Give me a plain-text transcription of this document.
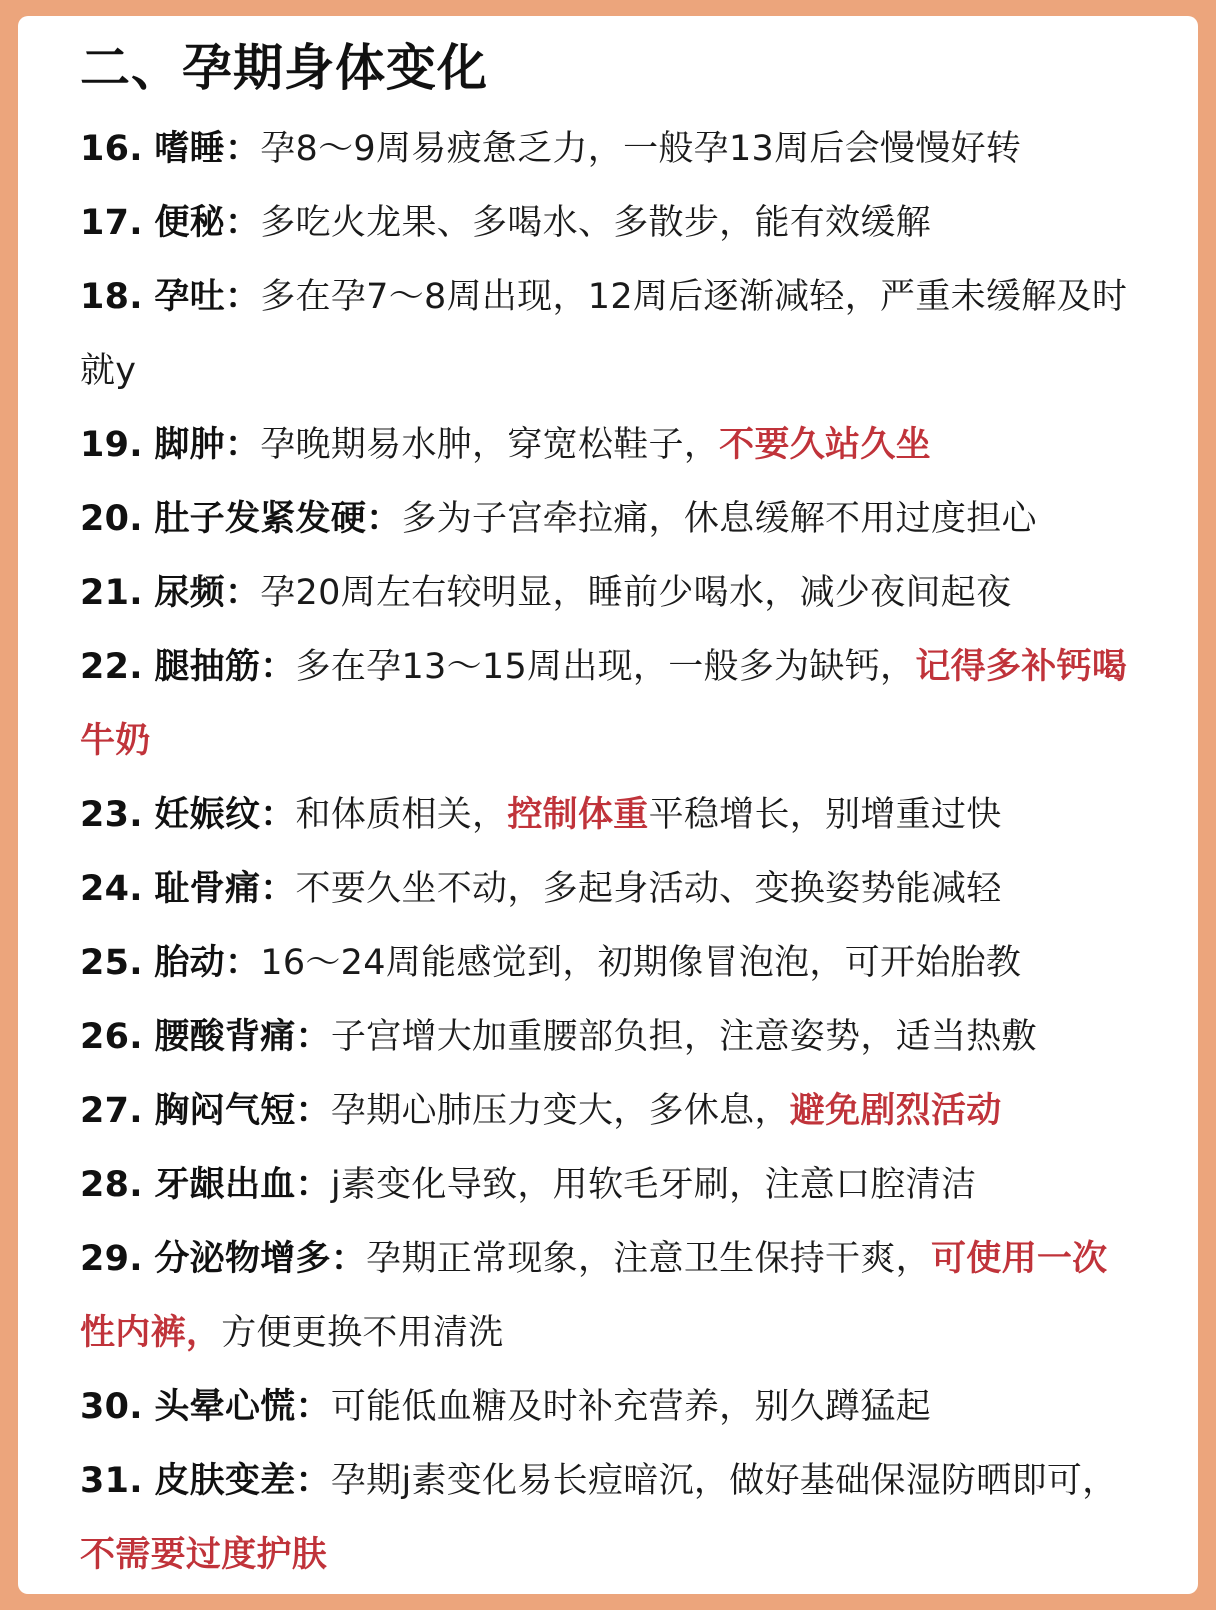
二、孕期身体变化
16. 嗜睡：孕8～9周易疲惫乏力，一般孕13周后会慢慢好转
17. 便秘：多吃火龙果、多喝水、多散步，能有效缓解
18. 孕吐：多在孕7～8周出现，12周后逐渐减轻，严重未缓解及时就y
19. 脚肿：孕晚期易水肿，穿宽松鞋子，不要久站久坐
20. 肚子发紧发硬：多为子宫牵拉痛，休息缓解不用过度担心
21. 尿频：孕20周左右较明显，睡前少喝水，减少夜间起夜
22. 腿抽筋：多在孕13～15周出现，一般多为缺钙，记得多补钙喝牛奶
23. 妊娠纹：和体质相关，控制体重平稳增长，别增重过快
24. 耻骨痛：不要久坐不动，多起身活动、变换姿势能减轻
25. 胎动：16～24周能感觉到，初期像冒泡泡，可开始胎教
26. 腰酸背痛：子宫增大加重腰部负担，注意姿势，适当热敷
27. 胸闷气短：孕期心肺压力变大，多休息，避免剧烈活动
28. 牙龈出血：j素变化导致，用软毛牙刷，注意口腔清洁
29. 分泌物增多：孕期正常现象，注意卫生保持干爽，可使用一次性内裤，方便更换不用清洗
30. 头晕心慌：可能低血糖及时补充营养，别久蹲猛起
31. 皮肤变差：孕期j素变化易长痘暗沉，做好基础保湿防晒即可，不需要过度护肤
